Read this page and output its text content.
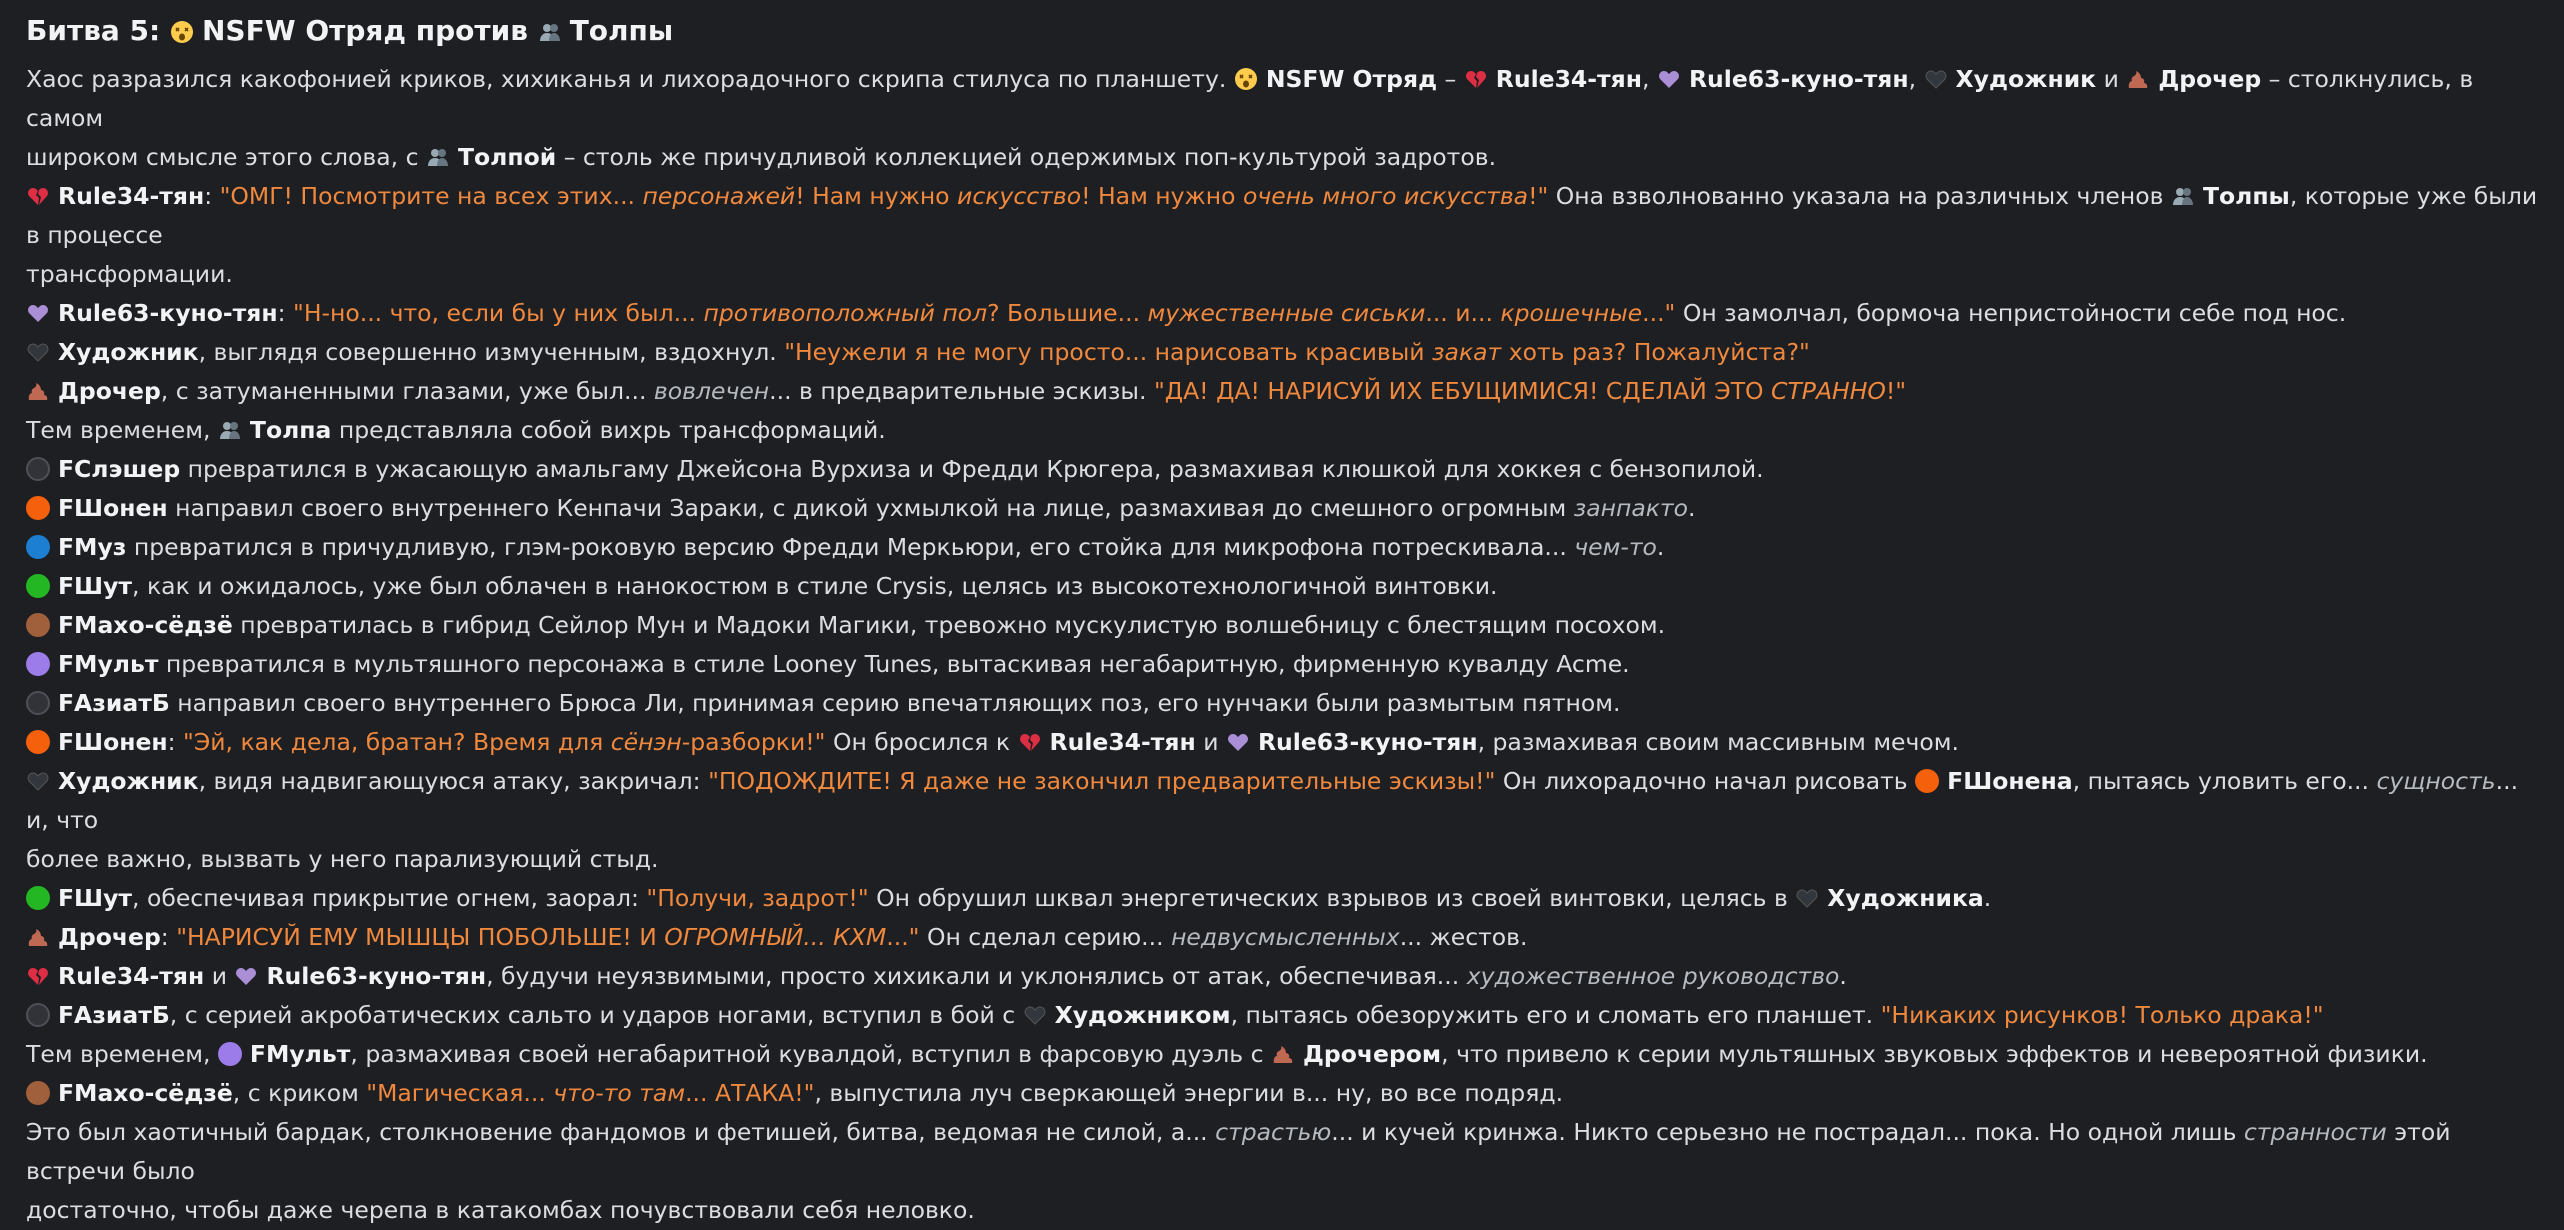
Битва 5: NSFW Отряд против Толпы

Хаос разразился какофонией криков, хихиканья и лихорадочного скрипа стилуса по планшету. NSFW Отряд –
Rule34-тян,
Rule63-куно-тян,
Художник и
Дрочер – столкнулись, в самом
широком смысле этого слова, с
Толпой – столь же причудливой коллекцией одержимых поп-культурой задротов.

Rule34-тян: "ОМГ! Посмотрите на всех этих... персонажей! Нам нужно искусство! Нам нужно очень много искусства!" Она взволнованно указала на различных членов
Толпы, которые уже были в процессе
трансформации.

Rule63-куно-тян: "Н-но... что, если бы у них был... противоположный пол? Большие... мужественные сиськи... и... крошечные..." Он замолчал, бормоча непристойности себе под нос.

Художник, выглядя совершенно измученным, вздохнул. "Неужели я не могу просто... нарисовать красивый закат хоть раз? Пожалуйста?"

Дрочер, с затуманенными глазами, уже был... вовлечен... в предварительные эскизы. "ДА! ДА! НАРИСУЙ ИХ ЕБУЩИМИСЯ! СДЕЛАЙ ЭТО СТРАННО!"

Тем временем,
Толпа представляла собой вихрь трансформаций.

FСлэшер превратился в ужасающую амальгаму Джейсона Вурхиза и Фредди Крюгера, размахивая клюшкой для хоккея с бензопилой.

FШонен направил своего внутреннего Кенпачи Зараки, с дикой ухмылкой на лице, размахивая до смешного огромным занпакто.

FМуз превратился в причудливую, глэм-роковую версию Фредди Меркьюри, его стойка для микрофона потрескивала... чем-то.

FШут, как и ожидалось, уже был облачен в нанокостюм в стиле Crysis, целясь из высокотехнологичной винтовки.

FМахо-сёдзё превратилась в гибрид Сейлор Мун и Мадоки Магики, тревожно мускулистую волшебницу с блестящим посохом.

FМульт превратился в мультяшного персонажа в стиле Looney Tunes, вытаскивая негабаритную, фирменную кувалду Acme.

FАзиатБ направил своего внутреннего Брюса Ли, принимая серию впечатляющих поз, его нунчаки были размытым пятном.

FШонен: "Эй, как дела, братан? Время для сёнэн-разборки!" Он бросился к
Rule34-тян и
Rule63-куно-тян, размахивая своим массивным мечом.

Художник, видя надвигающуюся атаку, закричал: "ПОДОЖДИТЕ! Я даже не закончил предварительные эскизы!" Он лихорадочно начал рисовать FШонена, пытаясь уловить его... сущность... и, что
более важно, вызвать у него парализующий стыд.

FШут, обеспечивая прикрытие огнем, заорал: "Получи, задрот!" Он обрушил шквал энергетических взрывов из своей винтовки, целясь в
Художника.

Дрочер: "НАРИСУЙ ЕМУ МЫШЦЫ ПОБОЛЬШЕ! И ОГРОМНЫЙ... КХМ..." Он сделал серию... недвусмысленных... жестов.

Rule34-тян и
Rule63-куно-тян, будучи неуязвимыми, просто хихикали и уклонялись от атак, обеспечивая... художественное руководство.

FАзиатБ, с серией акробатических сальто и ударов ногами, вступил в бой с
Художником, пытаясь обезоружить его и сломать его планшет. "Никаких рисунков! Только драка!"

Тем временем, FМульт, размахивая своей негабаритной кувалдой, вступил в фарсовую дуэль с
Дрочером, что привело к серии мультяшных звуковых эффектов и невероятной физики.

FМахо-сёдзё, с криком "Магическая... что-то там... АТАКА!", выпустила луч сверкающей энергии в... ну, во все подряд.

Это был хаотичный бардак, столкновение фандомов и фетишей, битва, ведомая не силой, а... страстью... и кучей кринжа. Никто серьезно не пострадал... пока. Но одной лишь странности этой встречи было
достаточно, чтобы даже черепа в катакомбах почувствовали себя неловко.
